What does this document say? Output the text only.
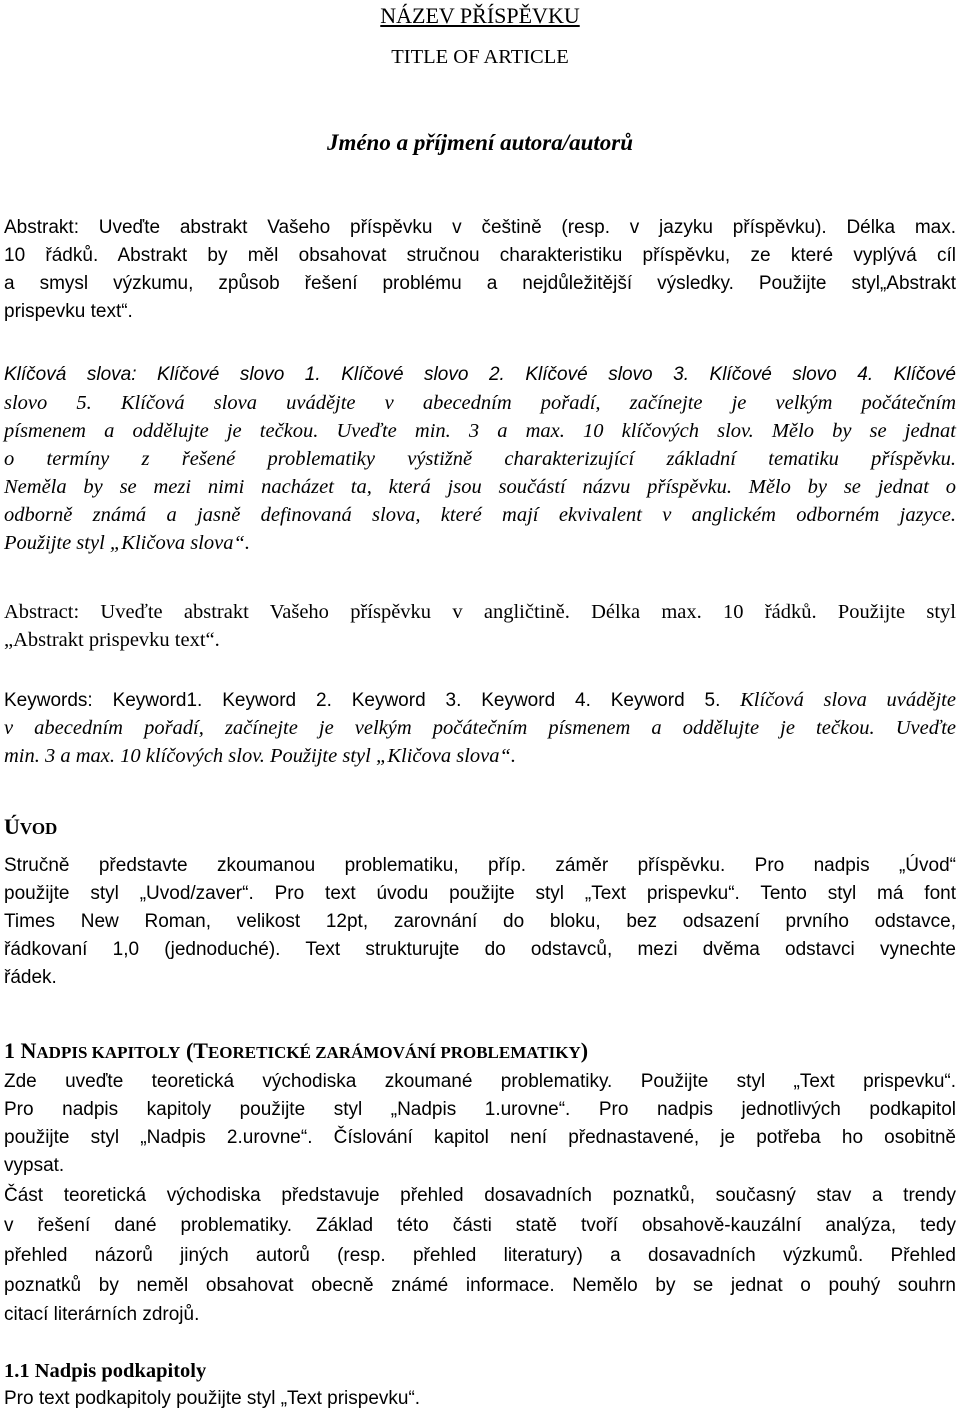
NÁZEV PŘÍSPĚVKU
TITLE OF ARTICLE
Jméno a příjmení autora/autorů
Abstrakt: Uveďte abstrakt Vašeho příspěvku v češtině (resp. v jazyku příspěvku). Délka max.
10 řádků. Abstrakt by měl obsahovat stručnou charakteristiku příspěvku, ze které vyplývá cíl
a smysl výzkumu, způsob řešení problému a nejdůležitější výsledky. Použijte styl„Abstrakt
prispevku text“.
Klíčová slova: Klíčové slovo 1. Klíčové slovo 2. Klíčové slovo 3. Klíčové slovo 4. Klíčové
slovo 5. Klíčová slova uvádějte v abecedním pořadí, začínejte je velkým počátečním
písmenem a oddělujte je tečkou. Uveďte min. 3 a max. 10 klíčových slov. Mělo by se jednat
o termíny z řešené problematiky výstižně charakterizující základní tematiku příspěvku.
Neměla by se mezi nimi nacházet ta, která jsou součástí názvu příspěvku. Mělo by se jednat o
odborně známá a jasně definovaná slova, které mají ekvivalent v anglickém odborném jazyce.
Použijte styl „Kličova slova“.
Abstract: Uveďte abstrakt Vašeho příspěvku v angličtině. Délka max. 10 řádků. Použijte styl
„Abstrakt prispevku text“.
Keywords: Keyword1. Keyword 2. Keyword 3. Keyword 4. Keyword 5. Klíčová slova uvádějte
v abecedním pořadí, začínejte je velkým počátečním písmenem a oddělujte je tečkou. Uveďte
min. 3 a max. 10 klíčových slov. Použijte styl „Kličova slova“.
ÚVOD
Stručně představte zkoumanou problematiku, příp. záměr příspěvku. Pro nadpis „Úvod“
použijte styl „Uvod/zaver“. Pro text úvodu použijte styl „Text prispevku“. Tento styl má font
Times New Roman, velikost 12pt, zarovnání do bloku, bez odsazení prvního odstavce,
řádkovaní 1,0 (jednoduché). Text strukturujte do odstavců, mezi dvěma odstavci vynechte
řádek.
1 NADPIS KAPITOLY (TEORETICKÉ ZARÁMOVÁNÍ PROBLEMATIKY)
Zde uveďte teoretická východiska zkoumané problematiky. Použijte styl „Text prispevku“.
Pro nadpis kapitoly použijte styl „Nadpis 1.urovne“. Pro nadpis jednotlivých podkapitol
použijte styl „Nadpis 2.urovne“. Číslování kapitol není přednastavené, je potřeba ho osobitně
vypsat.
Část teoretická východiska představuje přehled dosavadních poznatků, současný stav a trendy
v řešení dané problematiky. Základ této části statě tvoří obsahově-kauzální analýza, tedy
přehled názorů jiných autorů (resp. přehled literatury) a dosavadních výzkumů. Přehled
poznatků by neměl obsahovat obecně známé informace. Nemělo by se jednat o pouhý souhrn
citací literárních zdrojů.
1.1 Nadpis podkapitoly
Pro text podkapitoly použijte styl „Text prispevku“.
